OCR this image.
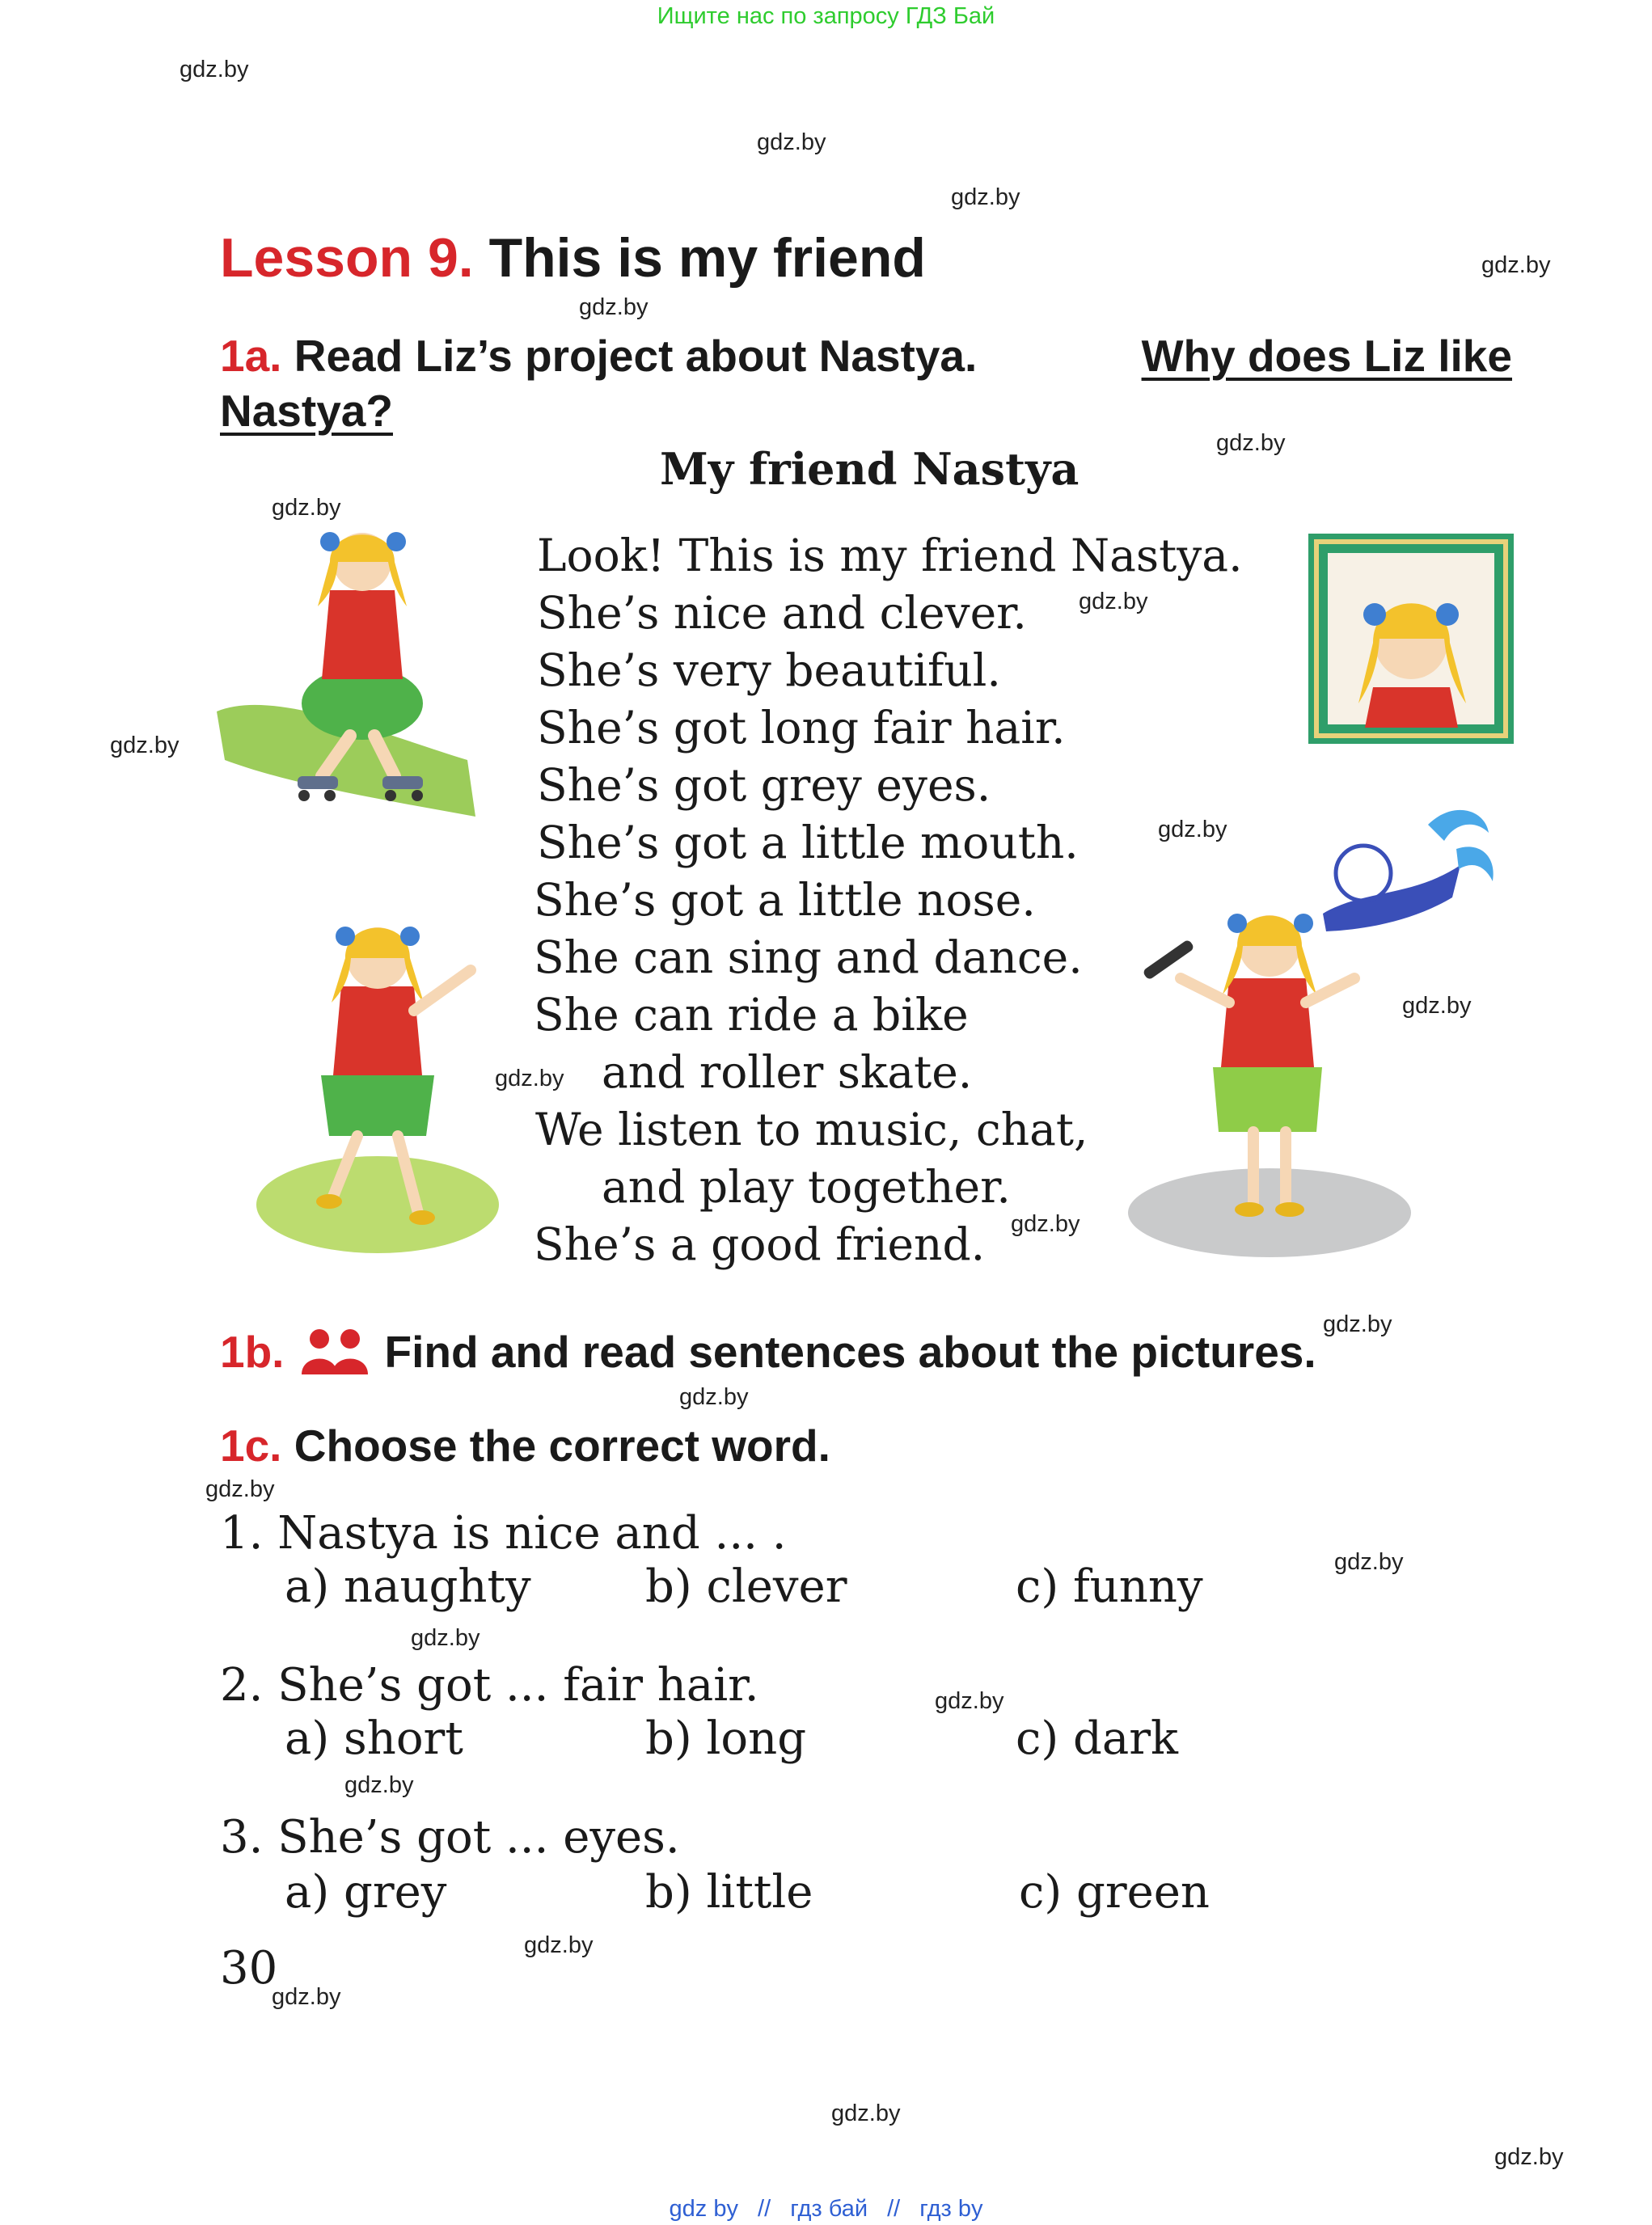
Ищите нас по запросу ГДЗ Бай
gdz.by
gdz.by
gdz.by
gdz.by
gdz.by
gdz.by
gdz.by
gdz.by
gdz.by
gdz.by
gdz.by
gdz.by
gdz.by
gdz.by
gdz.by
gdz.by
gdz.by
gdz.by
gdz.by
gdz.by
gdz.by
gdz.by
gdz.by
gdz.by
Lesson 9. This is my friend
1a. Read Liz’s project about Nastya.	Why does Liz like
Nastya?
My friend Nastya
Look! This is my friend Nastya.
She’s nice and clever.
She’s very beautiful.
She’s got long fair hair.
She’s got grey eyes.
She’s got a little mouth.
She’s got a little nose.
She can sing and dance.
She can ride a bike
and roller skate.
We listen to music, chat,
and play together.
She’s a good friend.
1b. Find and read sentences about the pictures.
1c. Choose the correct word.
1. Nastya is nice and ... .
a) naughty	b) clever	c) funny
2. She’s got ... fair hair.
a) short	b) long	c) dark
3. She’s got ... eyes.
a) grey	b) little	c) green
30
gdz by // гдз бай // гдз by
